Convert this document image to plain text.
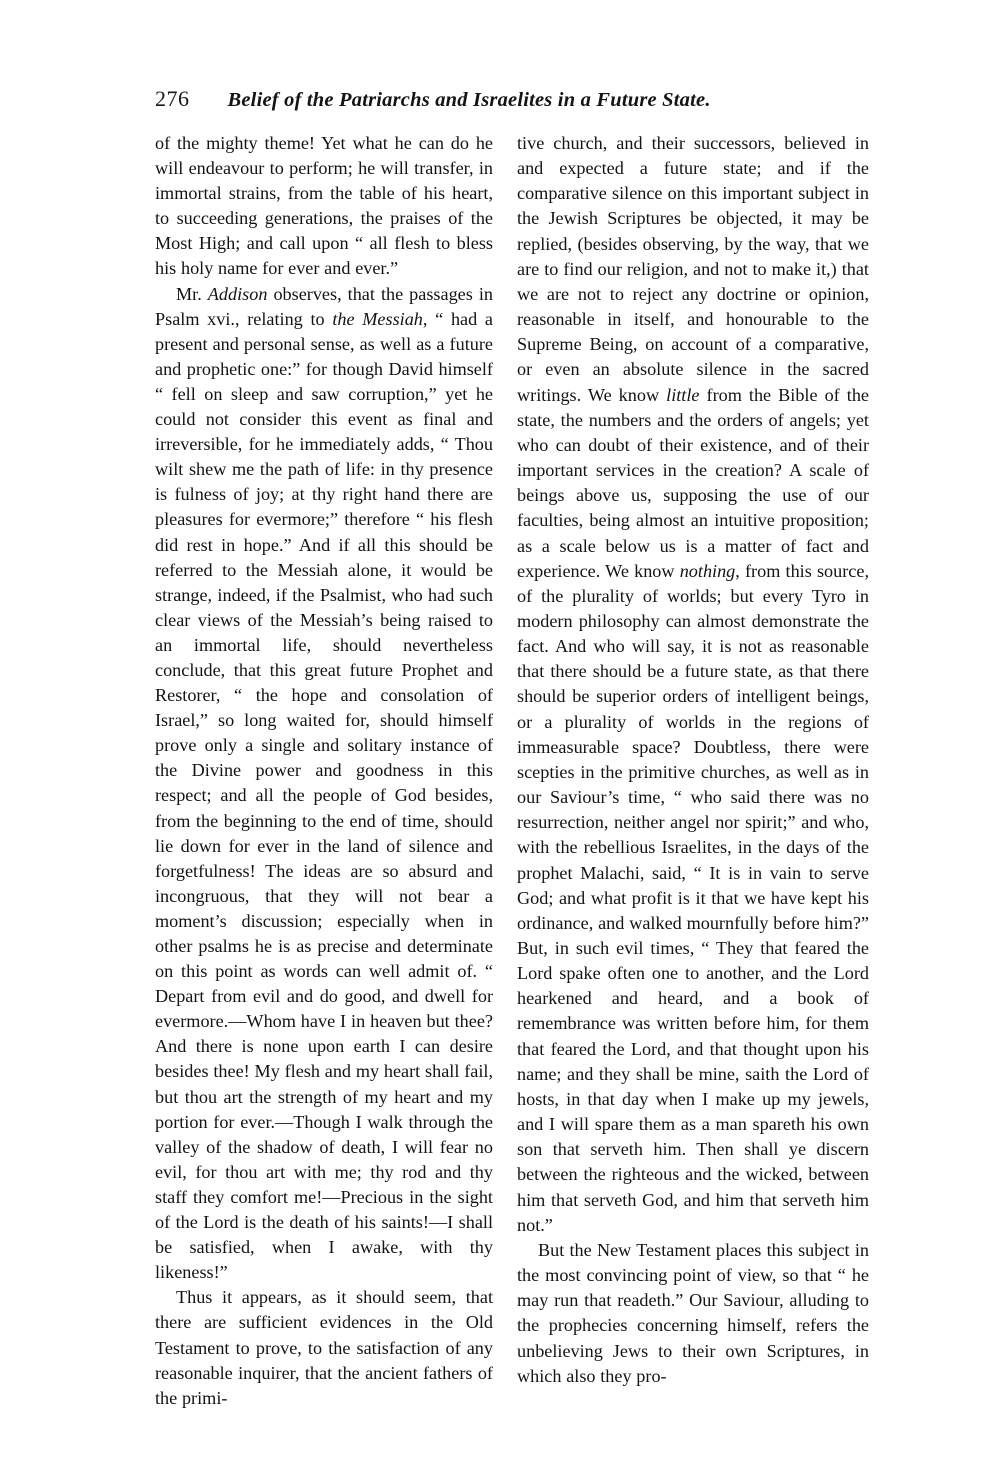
276 Belief of the Patriarchs and Israelites in a Future State.

of the mighty theme! Yet what he can do he will endeavour to perform; he will transfer, in immortal strains, from the table of his heart, to succeeding generations, the praises of the Most High; and call upon “ all flesh to bless his holy name for ever and ever.”

Mr. Addison observes, that the passages in Psalm xvi., relating to the Messiah, “ had a present and personal sense, as well as a future and prophetic one:” for though David himself “ fell on sleep and saw corruption,” yet he could not consider this event as final and irreversible, for he immediately adds, “ Thou wilt shew me the path of life: in thy presence is fulness of joy; at thy right hand there are pleasures for evermore;” therefore “ his flesh did rest in hope.” And if all this should be referred to the Messiah alone, it would be strange, indeed, if the Psalmist, who had such clear views of the Messiah’s being raised to an immortal life, should nevertheless conclude, that this great future Prophet and Restorer, “ the hope and consolation of Israel,” so long waited for, should himself prove only a single and solitary instance of the Divine power and goodness in this respect; and all the people of God besides, from the beginning to the end of time, should lie down for ever in the land of silence and forgetfulness! The ideas are so absurd and incongruous, that they will not bear a moment’s discussion; especially when in other psalms he is as precise and determinate on this point as words can well admit of. “ Depart from evil and do good, and dwell for evermore.—Whom have I in heaven but thee? And there is none upon earth I can desire besides thee! My flesh and my heart shall fail, but thou art the strength of my heart and my portion for ever.—Though I walk through the valley of the shadow of death, I will fear no evil, for thou art with me; thy rod and thy staff they comfort me!—Precious in the sight of the Lord is the death of his saints!—I shall be satisfied, when I awake, with thy likeness!”

Thus it appears, as it should seem, that there are sufficient evidences in the Old Testament to prove, to the satisfaction of any reasonable inquirer, that the ancient fathers of the primi-

tive church, and their successors, believed in and expected a future state; and if the comparative silence on this important subject in the Jewish Scriptures be objected, it may be replied, (besides observing, by the way, that we are to find our religion, and not to make it,) that we are not to reject any doctrine or opinion, reasonable in itself, and honourable to the Supreme Being, on account of a comparative, or even an absolute silence in the sacred writings. We know little from the Bible of the state, the numbers and the orders of angels; yet who can doubt of their existence, and of their important services in the creation? A scale of beings above us, supposing the use of our faculties, being almost an intuitive proposition; as a scale below us is a matter of fact and experience. We know nothing, from this source, of the plurality of worlds; but every Tyro in modern philosophy can almost demonstrate the fact. And who will say, it is not as reasonable that there should be a future state, as that there should be superior orders of intelligent beings, or a plurality of worlds in the regions of immeasurable space? Doubtless, there were scepties in the primitive churches, as well as in our Saviour’s time, “ who said there was no resurrection, neither angel nor spirit;” and who, with the rebellious Israelites, in the days of the prophet Malachi, said, “ It is in vain to serve God; and what profit is it that we have kept his ordinance, and walked mournfully before him?” But, in such evil times, “ They that feared the Lord spake often one to another, and the Lord hearkened and heard, and a book of remembrance was written before him, for them that feared the Lord, and that thought upon his name; and they shall be mine, saith the Lord of hosts, in that day when I make up my jewels, and I will spare them as a man spareth his own son that serveth him. Then shall ye discern between the righteous and the wicked, between him that serveth God, and him that serveth him not.”

But the New Testament places this subject in the most convincing point of view, so that “ he may run that readeth.” Our Saviour, alluding to the prophecies concerning himself, refers the unbelieving Jews to their own Scriptures, in which also they pro-
